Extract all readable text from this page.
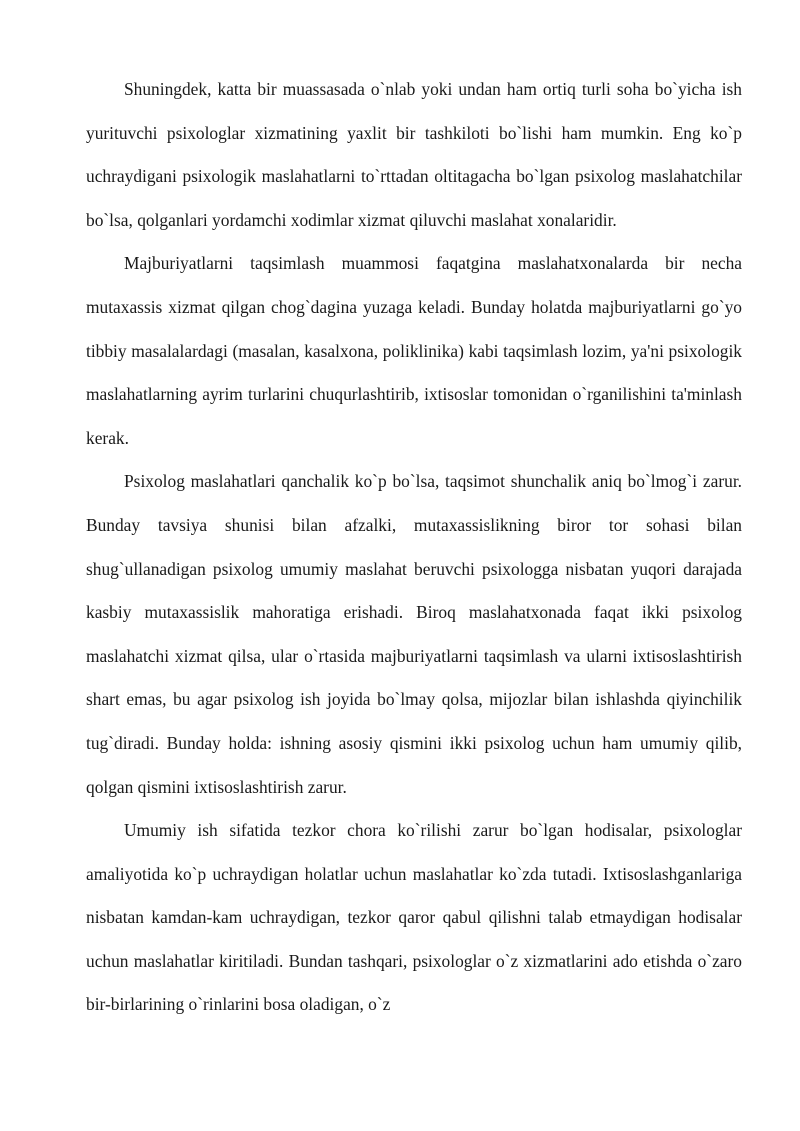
Shuningdek, katta bir muassasada o`nlab yoki undan ham ortiq turli soha bo`yicha ish yurituvchi psixologlar xizmatining yaxlit bir tashkiloti bo`lishi ham mumkin. Eng ko`p uchraydigani psixologik maslahatlarni to`rttadan oltitagacha bo`lgan psixolog maslahatchilar bo`lsa, qolganlari yordamchi xodimlar xizmat qiluvchi maslahat xonalaridir.

Majburiyatlarni taqsimlash muammosi faqatgina maslahatxonalarda bir necha mutaxassis xizmat qilgan chog`dagina yuzaga keladi. Bunday holatda majburiyatlarni go`yo tibbiy masalalardagi (masalan, kasalxona, poliklinika) kabi taqsimlash lozim, ya'ni psixologik maslahatlarning ayrim turlarini chuqurlashtirib, ixtisoslar tomonidan o`rganilishini ta'minlash kerak.

Psixolog maslahatlari qanchalik ko`p bo`lsa, taqsimot shunchalik aniq bo`lmog`i zarur. Bunday tavsiya shunisi bilan afzalki, mutaxassislikning biror tor sohasi bilan shug`ullanadigan psixolog umumiy maslahat beruvchi psixologga nisbatan yuqori darajada kasbiy mutaxassislik mahoratiga erishadi. Biroq maslahatxonada faqat ikki psixolog maslahatchi xizmat qilsa, ular o`rtasida majburiyatlarni taqsimlash va ularni ixtisoslashtirish shart emas, bu agar psixolog ish joyida bo`lmay qolsa, mijozlar bilan ishlashda qiyinchilik tug`diradi. Bunday holda: ishning asosiy qismini ikki psixolog uchun ham umumiy qilib, qolgan qismini ixtisoslashtirish zarur.

Umumiy ish sifatida tezkor chora ko`rilishi zarur bo`lgan hodisalar, psixologlar amaliyotida ko`p uchraydigan holatlar uchun maslahatlar ko`zda tutadi. Ixtisoslashganlariga nisbatan kamdan-kam uchraydigan, tezkor qaror qabul qilishni talab etmaydigan hodisalar uchun maslahatlar kiritiladi. Bundan tashqari, psixologlar o`z xizmatlarini ado etishda o`zaro bir-birlarining o`rinlarini bosa oladigan, o`z
